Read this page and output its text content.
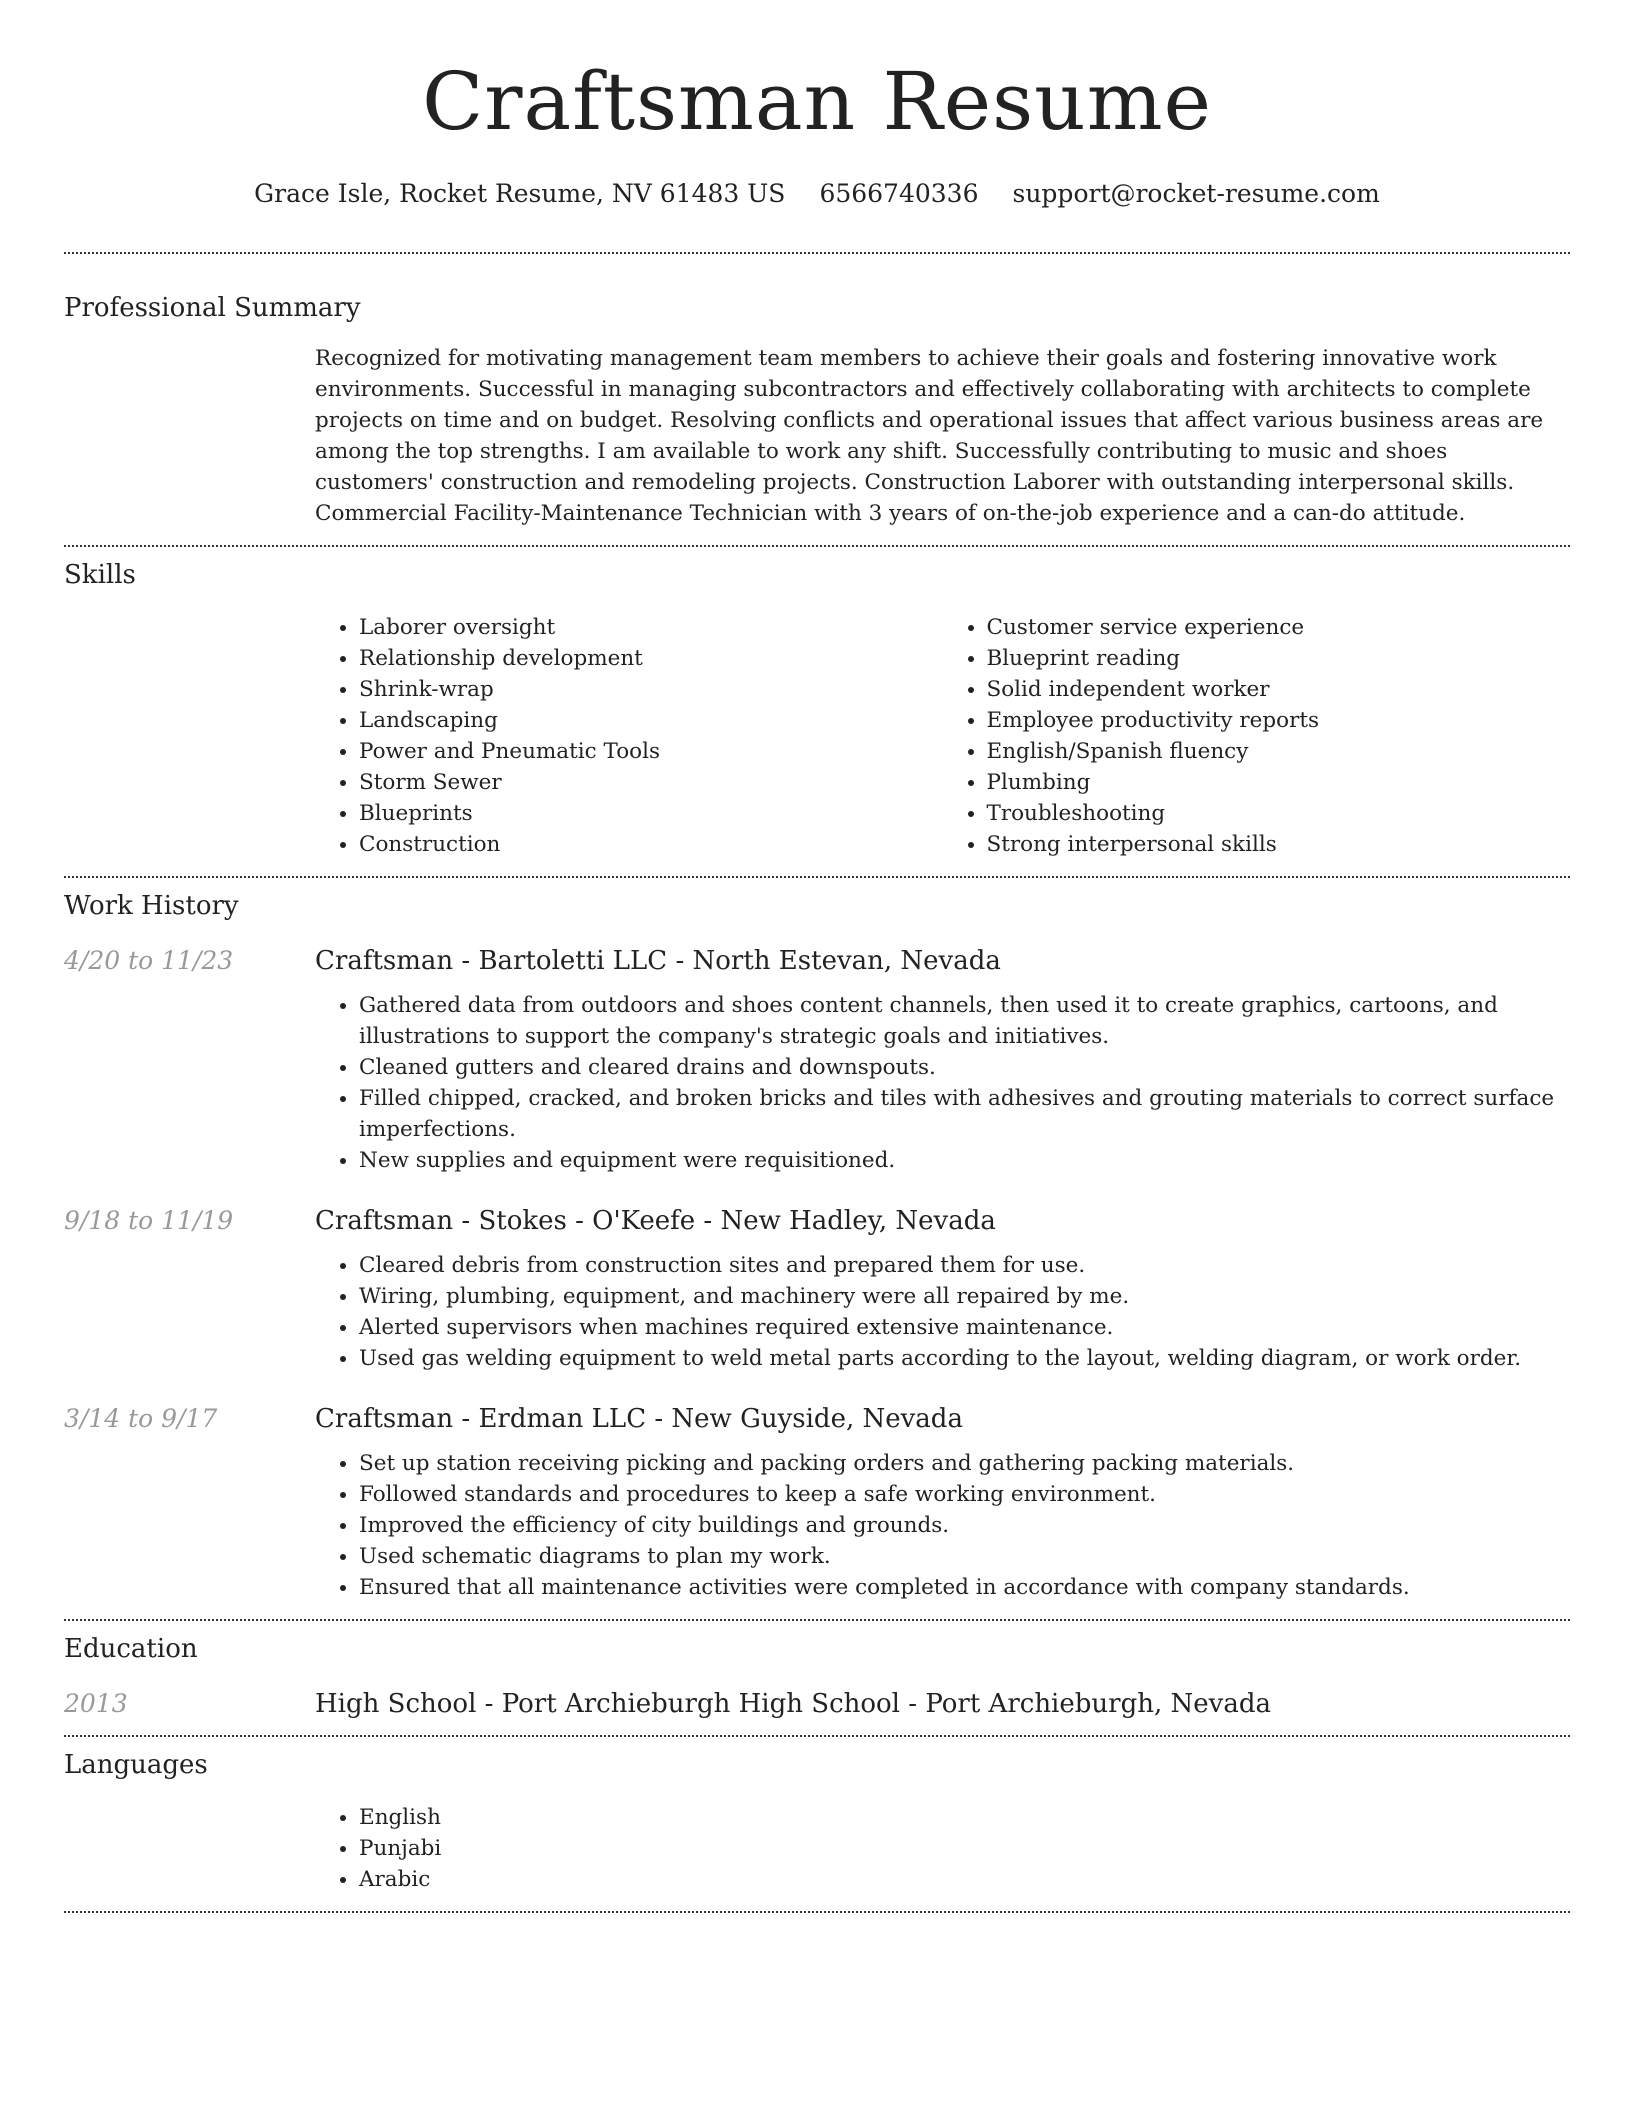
Craftsman Resume
Grace Isle, Rocket Resume, NV 61483 US 6566740336 support@rocket-resume.com
Professional Summary

Recognized for motivating management team members to achieve their goals and fostering innovative work environments. Successful in managing subcontractors and effectively collaborating with architects to complete projects on time and on budget. Resolving conflicts and operational issues that affect various business areas are among the top strengths. I am available to work any shift. Successfully contributing to music and shoes customers' construction and remodeling projects. Construction Laborer with outstanding interpersonal skills. Commercial Facility-Maintenance Technician with 3 years of on-the-job experience and a can-do attitude.

Skills
• Laborer oversight
• Relationship development
• Shrink-wrap
• Landscaping
• Power and Pneumatic Tools
• Storm Sewer
• Blueprints
• Construction
• Customer service experience
• Blueprint reading
• Solid independent worker
• Employee productivity reports
• English/Spanish fluency
• Plumbing
• Troubleshooting
• Strong interpersonal skills
Work History
4/20 to 11/23	Craftsman - Bartoletti LLC - North Estevan, Nevada
• Gathered data from outdoors and shoes content channels, then used it to create graphics, cartoons, and illustrations to support the company's strategic goals and initiatives.
• Cleaned gutters and cleared drains and downspouts.
• Filled chipped, cracked, and broken bricks and tiles with adhesives and grouting materials to correct surface imperfections.
• New supplies and equipment were requisitioned.
9/18 to 11/19	Craftsman - Stokes - O'Keefe - New Hadley, Nevada
• Cleared debris from construction sites and prepared them for use.
• Wiring, plumbing, equipment, and machinery were all repaired by me.
• Alerted supervisors when machines required extensive maintenance.
• Used gas welding equipment to weld metal parts according to the layout, welding diagram, or work order.
3/14 to 9/17	Craftsman - Erdman LLC - New Guyside, Nevada
• Set up station receiving picking and packing orders and gathering packing materials.
• Followed standards and procedures to keep a safe working environment.
• Improved the efficiency of city buildings and grounds.
• Used schematic diagrams to plan my work.
• Ensured that all maintenance activities were completed in accordance with company standards.
Education
2013	High School - Port Archieburgh High School - Port Archieburgh, Nevada
Languages
• English
• Punjabi
• Arabic
